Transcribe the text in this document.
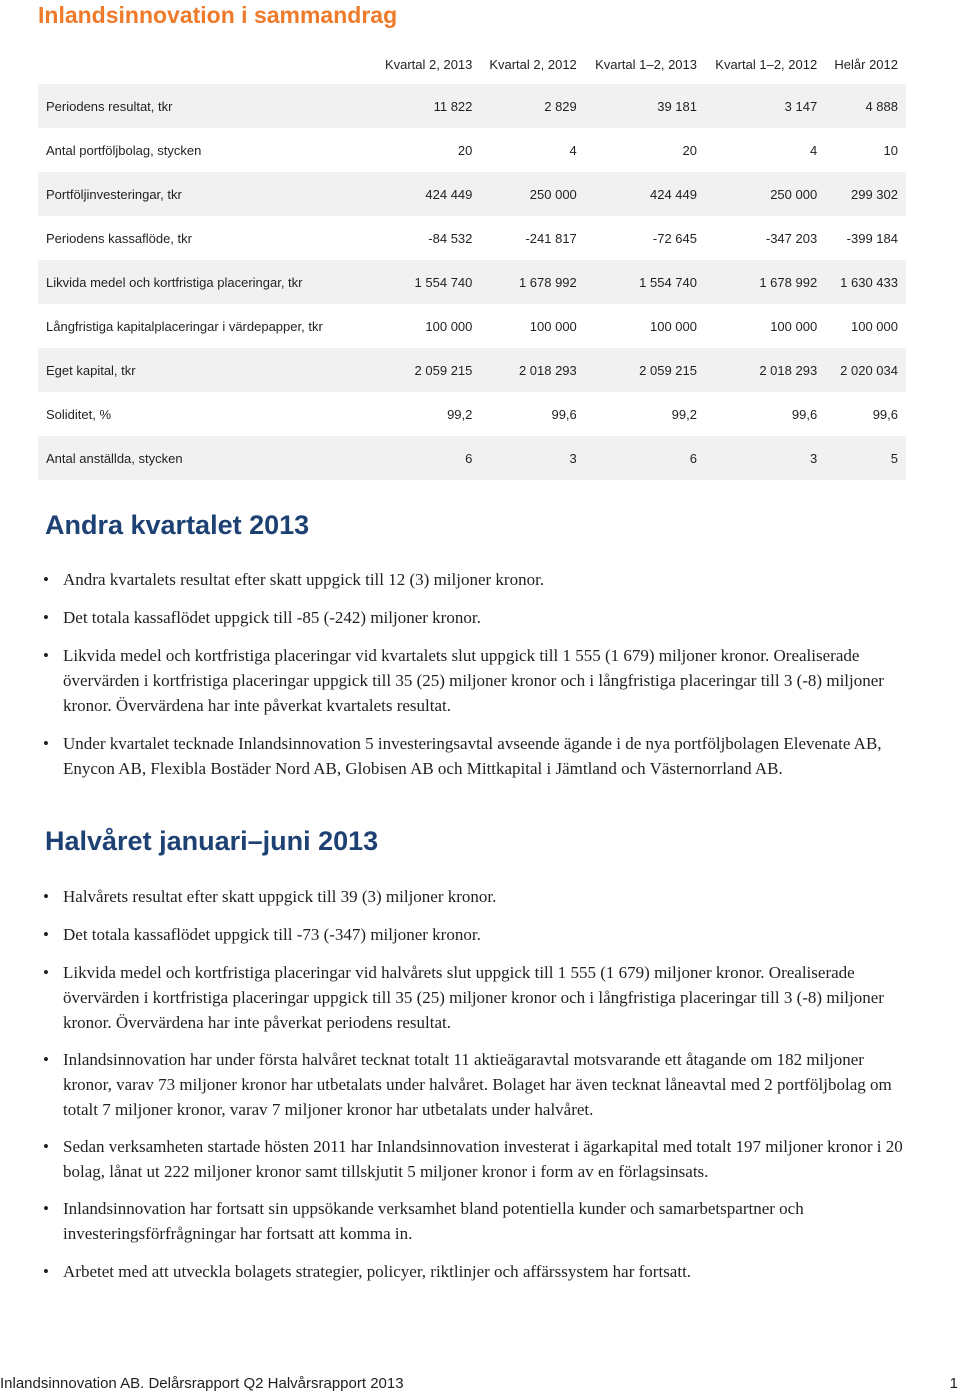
Inlandsinnovation i sammandrag
	Kvartal 2, 2013	Kvartal 2, 2012	Kvartal 1–2, 2013	Kvartal 1–2, 2012	Helår 2012
Periodens resultat, tkr	11 822	2 829	39 181	3 147	4 888
Antal portföljbolag, stycken	20	4	20	4	10
Portföljinvesteringar, tkr	424 449	250 000	424 449	250 000	299 302
Periodens kassaflöde, tkr	-84 532	-241 817	-72 645	-347 203	-399 184
Likvida medel och kortfristiga placeringar, tkr	1 554 740	1 678 992	1 554 740	1 678 992	1 630 433
Långfristiga kapitalplaceringar i värdepapper, tkr	100 000	100 000	100 000	100 000	100 000
Eget kapital, tkr	2 059 215	2 018 293	2 059 215	2 018 293	2 020 034
Soliditet, %	99,2	99,6	99,2	99,6	99,6
Antal anställda, stycken	6	3	6	3	5
Andra kvartalet 2013
• Andra kvartalets resultat efter skatt uppgick till 12 (3) miljoner kronor.
• Det totala kassaflödet uppgick till -85 (-242) miljoner kronor.
• Likvida medel och kortfristiga placeringar vid kvartalets slut uppgick till 1 555 (1 679) miljoner kronor. Orealiserade övervärden i kortfristiga placeringar uppgick till 35 (25) miljoner kronor och i långfristiga placeringar till 3 (-8) miljoner kronor. Övervärdena har inte påverkat kvartalets resultat.
• Under kvartalet tecknade Inlandsinnovation 5 investeringsavtal avseende ägande i de nya portföljbolagen Elevenate AB, Enycon AB, Flexibla Bostäder Nord AB, Globisen AB och Mittkapital i Jämtland och Västernorrland AB.
Halvåret januari–juni 2013
• Halvårets resultat efter skatt uppgick till 39 (3) miljoner kronor.
• Det totala kassaflödet uppgick till -73 (-347) miljoner kronor.
• Likvida medel och kortfristiga placeringar vid halvårets slut uppgick till 1 555 (1 679) miljoner kronor. Orealiserade övervärden i kortfristiga placeringar uppgick till 35 (25) miljoner kronor och i långfristiga placeringar till 3 (-8) miljoner kronor. Övervärdena har inte påverkat periodens resultat.
• Inlandsinnovation har under första halvåret tecknat totalt 11 aktieägaravtal motsvarande ett åtagande om 182 miljoner kronor, varav 73 miljoner kronor har utbetalats under halvåret. Bolaget har även tecknat låneavtal med 2 portföljbolag om totalt 7 miljoner kronor, varav 7 miljoner kronor har utbetalats under halvåret.
• Sedan verksamheten startade hösten 2011 har Inlandsinnovation investerat i ägarkapital med totalt 197 miljoner kronor i 20 bolag, lånat ut 222 miljoner kronor samt tillskjutit 5 miljoner kronor i form av en förlagsinsats.
• Inlandsinnovation har fortsatt sin uppsökande verksamhet bland potentiella kunder och samarbetspartner och investeringsförfrågningar har fortsatt att komma in.
• Arbetet med att utveckla bolagets strategier, policyer, riktlinjer och affärssystem har fortsatt.
Inlandsinnovation AB. Delårsrapport Q2 Halvårsrapport 2013	1
